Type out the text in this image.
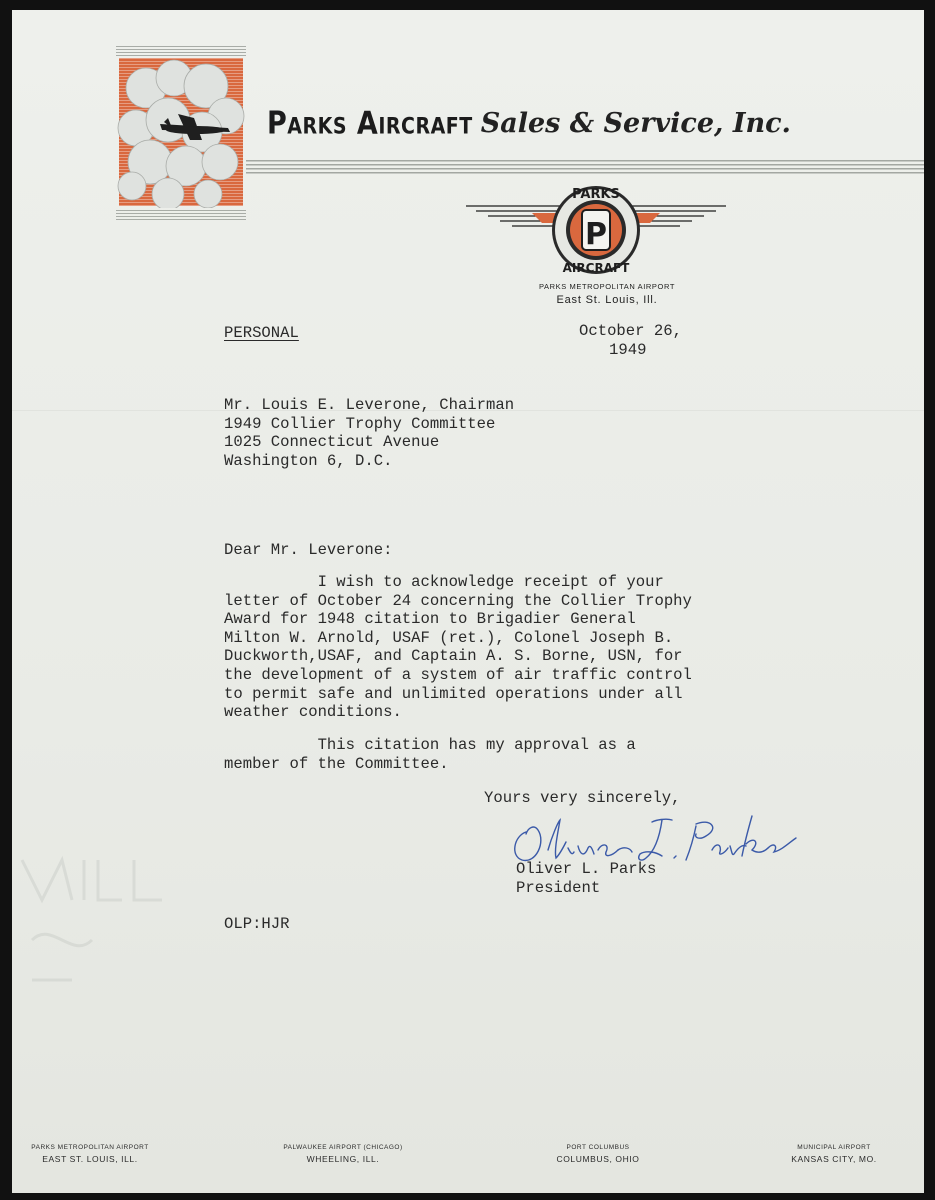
Parks Aircraft Sales & Service, Inc.
P
PARKS
AIRCRAFT
PARKS METROPOLITAN AIRPORT
East St. Louis, Ill.
PERSONAL	October 26,
1949
Mr. Louis E. Leverone, Chairman
1949 Collier Trophy Committee
1025 Connecticut Avenue
Washington 6, D.C.
Dear Mr. Leverone:
I wish to acknowledge receipt of your
letter of October 24 concerning the Collier Trophy
Award for 1948 citation to Brigadier General
Milton W. Arnold, USAF (ret.), Colonel Joseph B.
Duckworth,USAF, and Captain A. S. Borne, USN, for
the development of a system of air traffic control
to permit safe and unlimited operations under all
weather conditions.
This citation has my approval as a
member of the Committee.
Yours very sincerely,
Oliver L. Parks
President
OLP:HJR
PARKS METROPOLITAN AIRPORT
EAST ST. LOUIS, ILL.
PALWAUKEE AIRPORT (CHICAGO)
WHEELING, ILL.
PORT COLUMBUS
COLUMBUS, OHIO
MUNICIPAL AIRPORT
KANSAS CITY, MO.
